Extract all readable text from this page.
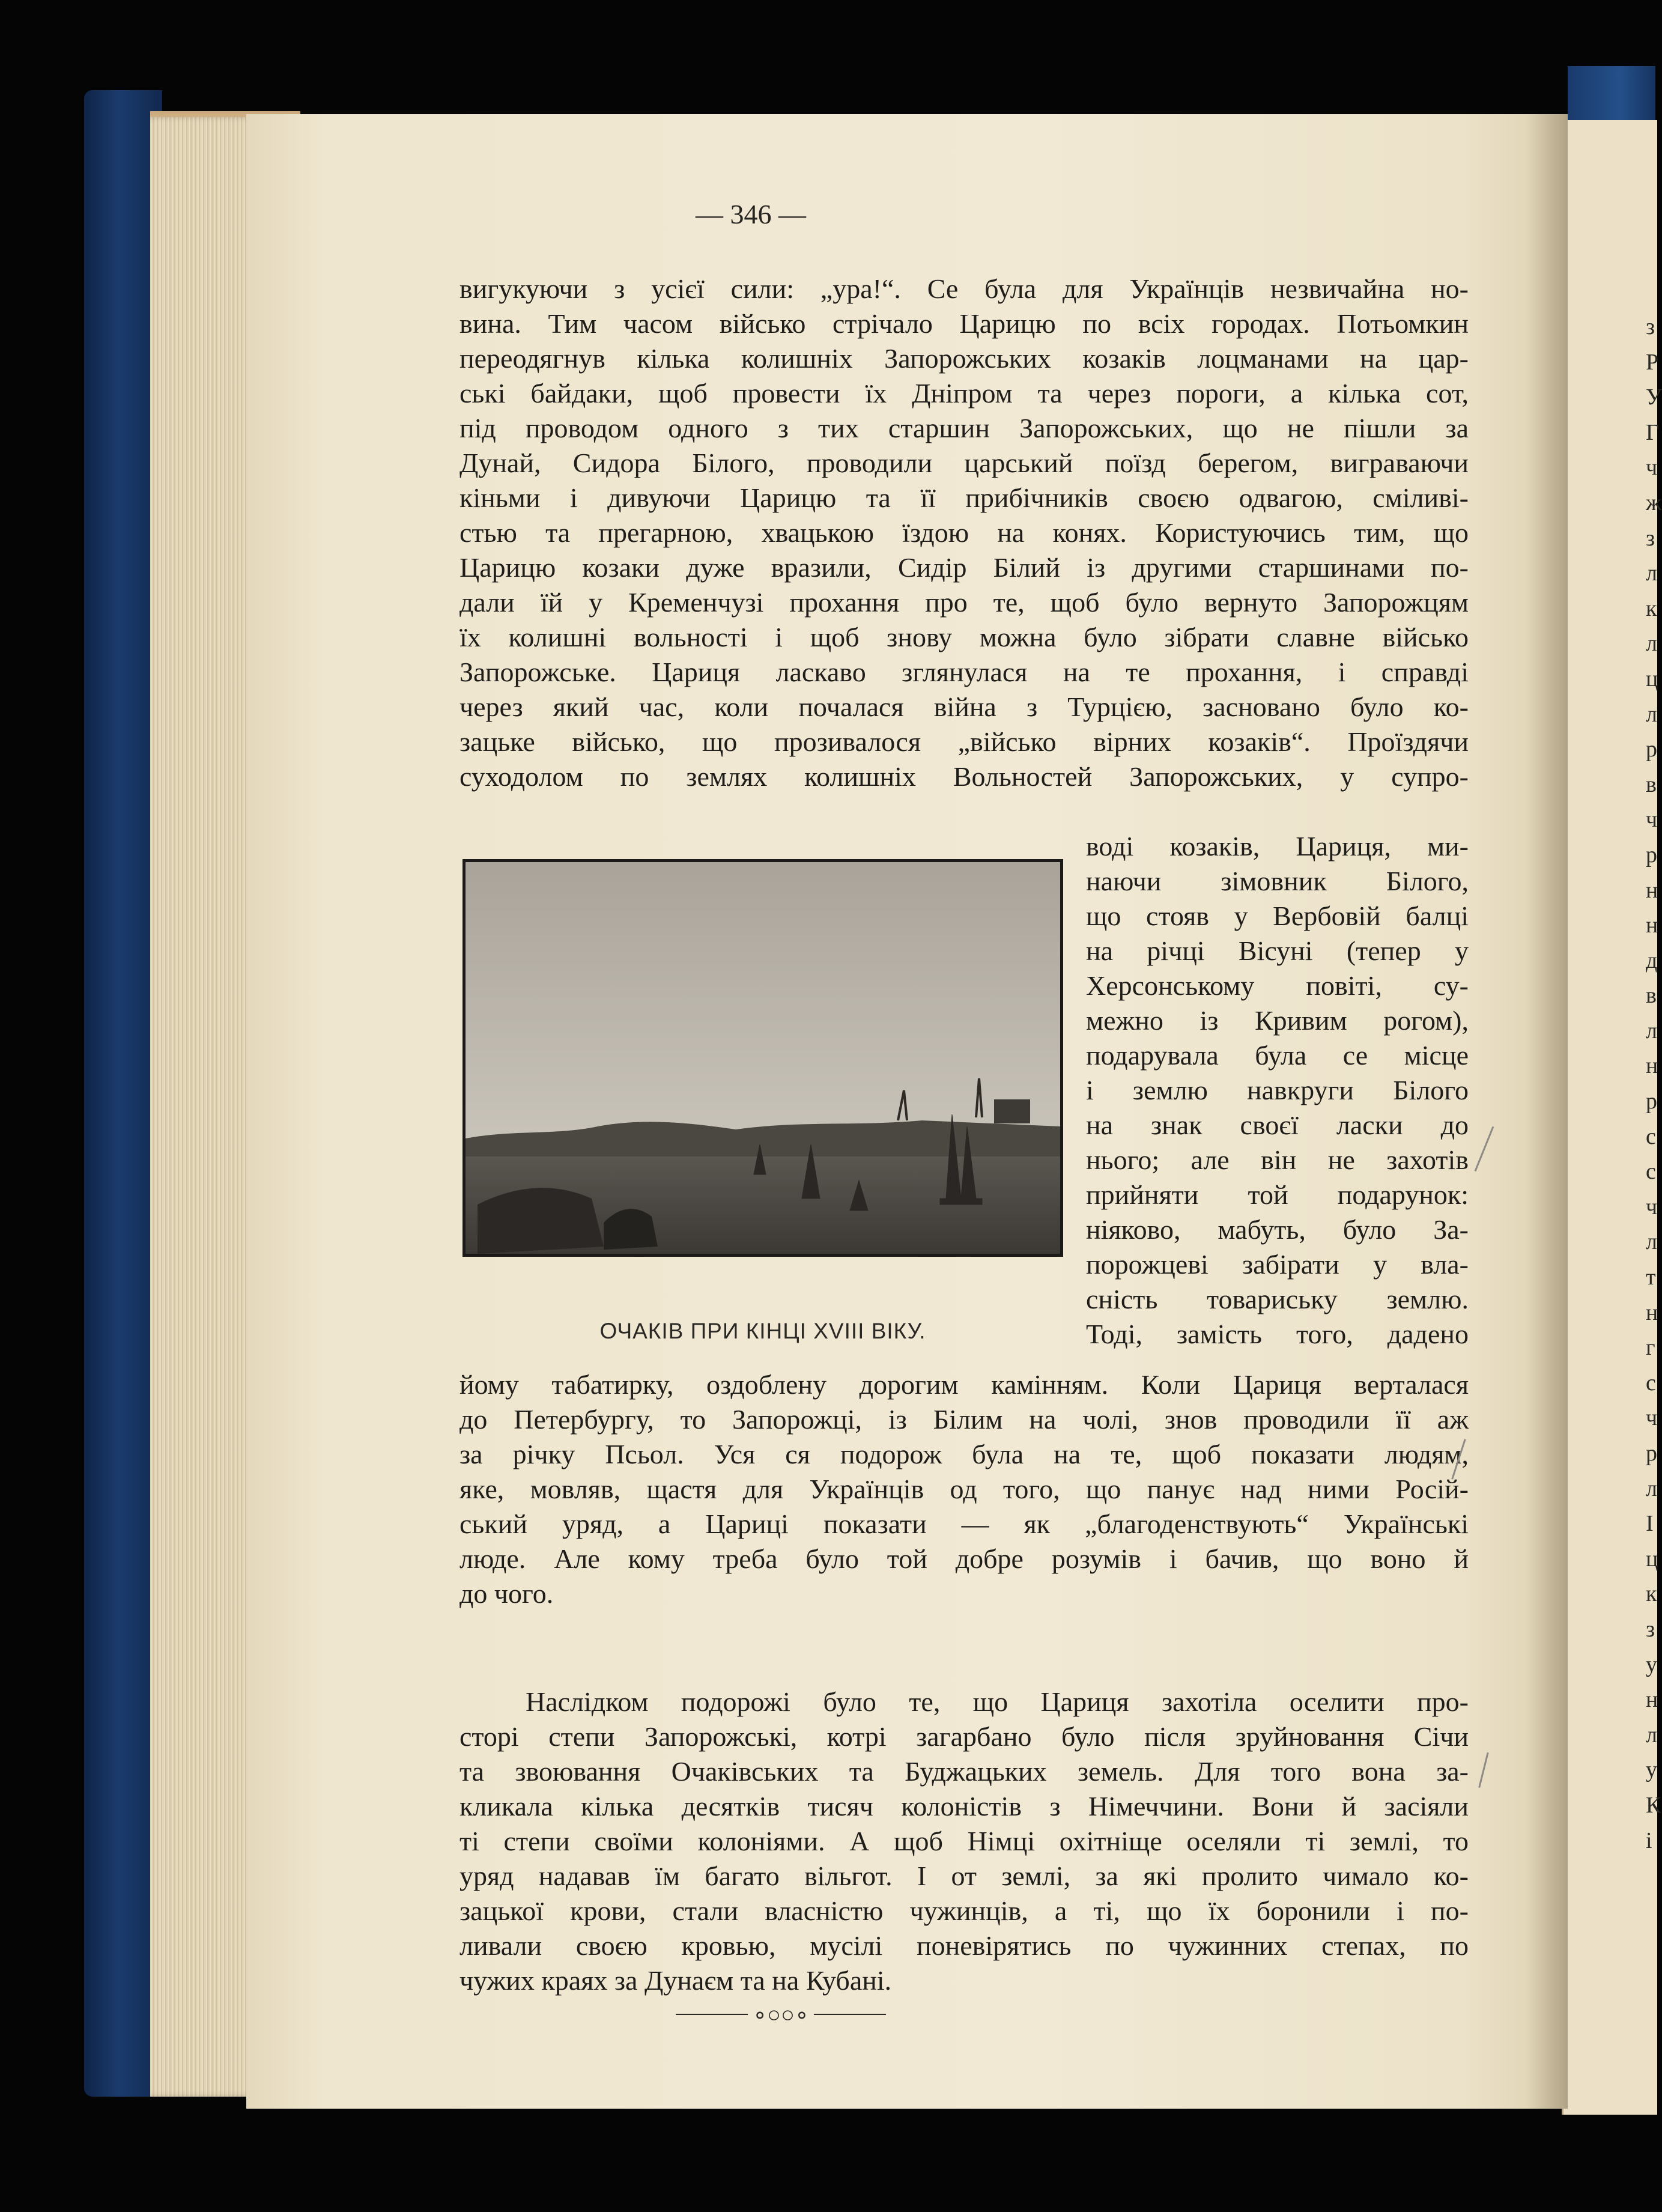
з
Р
У
Г
ч
ж
з
л
к
л
ц
л
р
в
ч
р
н
н
д
в
л
н
р
с
с
ч
л
т
н
г
с
ч
р
л
І
ц
к
з
у
н
л
у
К
і
— 346 —
вигукуючи з усієї сили: „ура!“. Се була для Українців незвичайна но-
вина. Тим часом військо стрічало Царицю по всіх городах. Потьомкин
переодягнув кілька колишніх Запорожських козаків лоцманами на цар-
ські байдаки, щоб провести їх Дніпром та через пороги, а кілька сот,
під проводом одного з тих старшин Запорожських, що не пішли за
Дунай, Сидора Білого, проводили царський поїзд берегом, виграваючи
кіньми і дивуючи Царицю та її прибічників своєю одвагою, сміливі-
стью та прегарною, хвацькою їздою на конях. Користуючись тим, що
Царицю козаки дуже вразили, Сидір Білий із другими старшинами по-
дали їй у Кременчузі прохання про те, щоб було вернуто Запорожцям
їх колишні вольності і щоб знову можна було зібрати славне військо
Запорожське. Цариця ласкаво зглянулася на те прохання, і справді
через який час, коли почалася війна з Турцією, засновано було ко-
зацьке військо, що прозивалося „військо вірних козаків“. Проїздячи
суходолом по землях колишніх Вольностей Запорожських, у супро-
ОЧАКІВ ПРИ КІНЦІ XVIII ВІКУ.
воді козаків, Цариця, ми-
наючи зімовник Білого,
що стояв у Вербовій балці
на річці Вісуні (тепер у
Херсонському повіті, су-
межно із Кривим рогом),
подарувала була се місце
і землю навкруги Білого
на знак своєї ласки до
нього; але він не захотів
прийняти той подарунок:
ніяково, мабуть, було За-
порожцеві забірати у вла-
сність товариську землю.
Тоді, замість того, дадено
йому табатирку, оздоблену дорогим камінням. Коли Цариця верталася
до Петербургу, то Запорожці, із Білим на чолі, знов проводили її аж
за річку Псьол. Уся ся подорож була на те, щоб показати людям,
яке, мовляв, щастя для Українців од того, що панує над ними Росій-
ський уряд, а Цариці показати — як „благоденствують“ Українські
люде. Але кому треба було той добре розумів і бачив, що воно й
до чого.
Наслідком подорожі було те, що Цариця захотіла оселити про-
сторі степи Запорожські, котрі загарбано було після зруйновання Січи
та звоювання Очаківських та Буджацьких земель. Для того вона за-
кликала кілька десятків тисяч колоністів з Німеччини. Вони й засіяли
ті степи своїми колоніями. А щоб Німці охітніще оселяли ті землі, то
уряд надавав їм багато вільгот. І от землі, за які пролито чимало ко-
зацької крови, стали власністю чужинців, а ті, що їх боронили і по-
ливали своєю кровью, мусілі поневірятись по чужинних степах, по
чужих краях за Дунаєм та на Кубані.
∘○○∘
